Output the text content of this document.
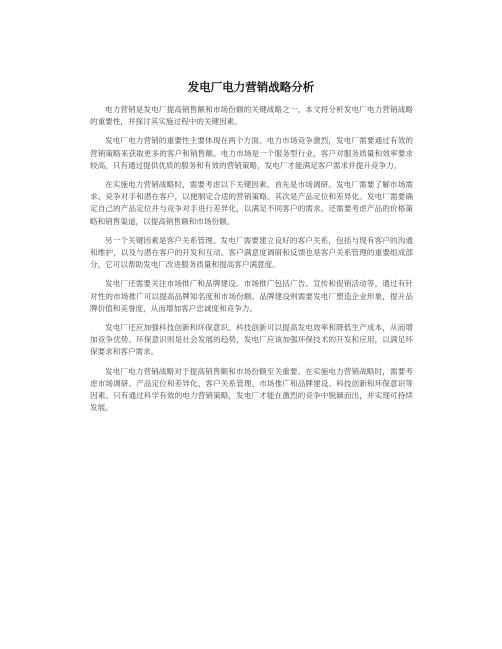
发电厂电力营销战略分析

电力营销是发电厂提高销售额和市场份额的关键战略之一。本文将分析发电厂电力营销战略的重要性，并探讨其实施过程中的关键因素。

发电厂电力营销的重要性主要体现在两个方面。电力市场竞争激烈，发电厂需要通过有效的营销策略来获取更多的客户和销售额。电力市场是一个服务型行业，客户对服务质量和效率要求较高，只有通过提供优质的服务和有效的营销策略，发电厂才能满足客户需求并提升竞争力。

在实施电力营销战略时，需要考虑以下关键因素。首先是市场调研。发电厂需要了解市场需求、竞争对手和潜在客户，以便制定合适的营销策略。其次是产品定位和差异化。发电厂需要确定自己的产品定位并与竞争对手进行差异化，以满足不同客户的需求。还需要考虑产品的价格策略和销售渠道，以提高销售额和市场份额。

另一个关键因素是客户关系管理。发电厂需要建立良好的客户关系，包括与现有客户的沟通和维护，以及与潜在客户的开发和互动。客户满意度调研和反馈也是客户关系管理的重要组成部分，它可以帮助发电厂改进服务质量和提高客户满意度。

发电厂还需要关注市场推广和品牌建设。市场推广包括广告、宣传和促销活动等，通过有针对性的市场推广可以提高品牌知名度和市场份额。品牌建设则需要发电厂塑造企业形象，提升品牌价值和美誉度，从而增加客户忠诚度和竞争力。

发电厂还应加强科技创新和环保意识。科技创新可以提高发电效率和降低生产成本，从而增加竞争优势。环保意识则是社会发展的趋势，发电厂应该加强环保技术的开发和应用，以满足环保要求和客户需求。

发电厂电力营销战略对于提高销售额和市场份额至关重要。在实施电力营销战略时，需要考虑市场调研、产品定位和差异化、客户关系管理、市场推广和品牌建设、科技创新和环保意识等因素。只有通过科学有效的电力营销策略，发电厂才能在激烈的竞争中脱颖而出，并实现可持续发展。
